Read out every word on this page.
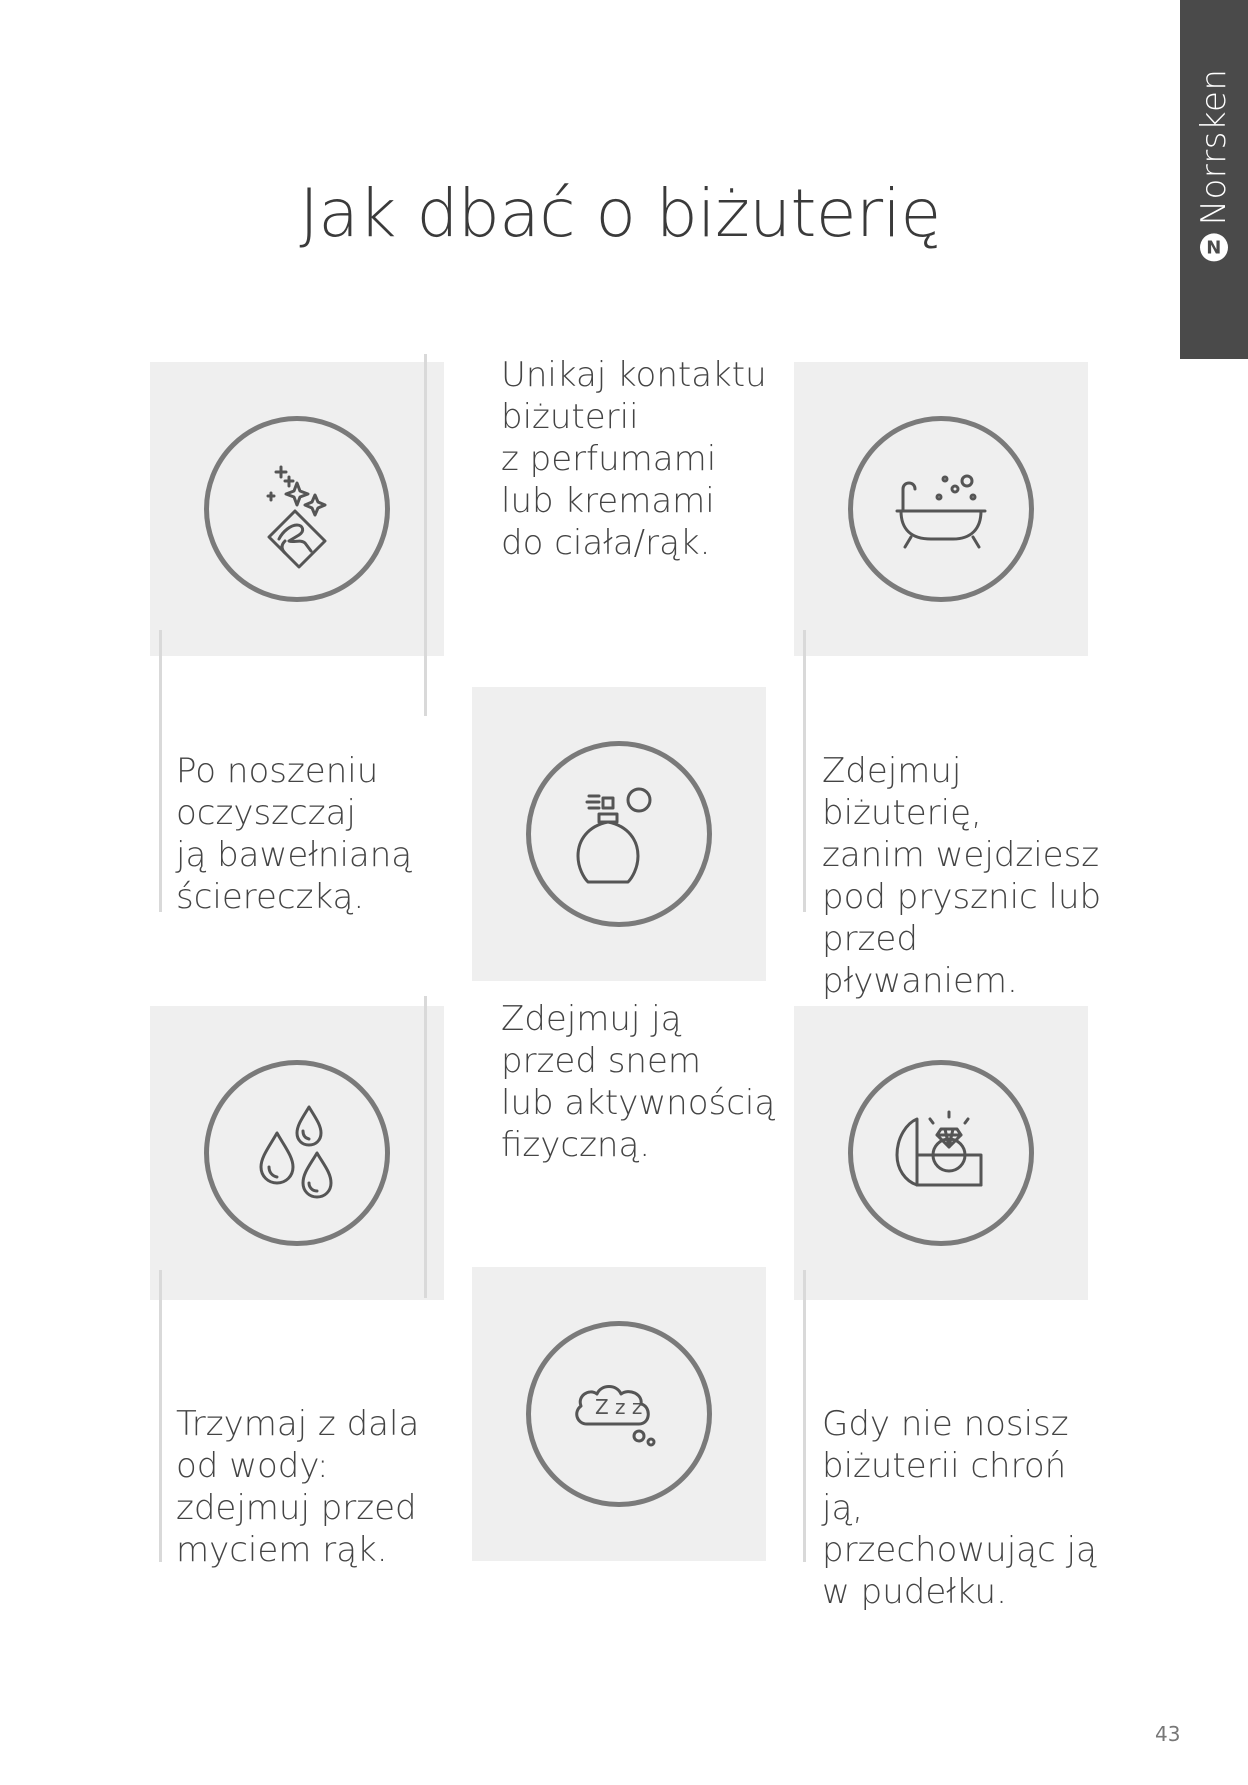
N
Norrsken
Jak dbać o biżuterię

Unikaj kontaktu
biżuterii
z perfumami
lub kremami
do ciała/rąk.

Po noszeniu
oczyszczaj
ją bawełnianą
ściereczką.

Zdejmuj biżuterię,
zanim wejdziesz
pod prysznic lub
przed pływaniem.

Zdejmuj ją
przed snem
lub aktywnością
fizyczną.

Trzymaj z dala
od wody:
zdejmuj przed
myciem rąk.

Z z z	Gdy nie nosisz
biżuterii chroń ją,
przechowując ją
w pudełku.

43
